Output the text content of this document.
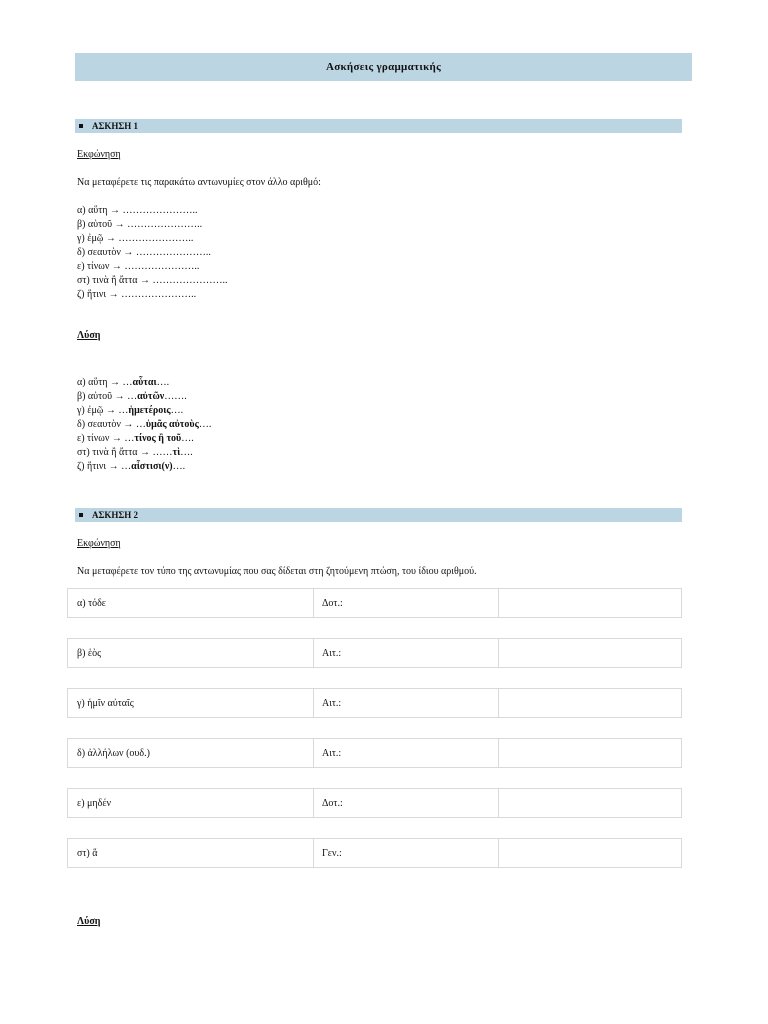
Ασκήσεις γραμματικής
ΑΣΚΗΣΗ 1
Εκφώνηση
Να μεταφέρετε τις παρακάτω αντωνυμίες στον άλλο αριθμό:
α) αὕτη → …………………..
β) αὐτοῦ → …………………..
γ) ἐμῷ → …………………..
δ) σεαυτὸν → …………………..
ε) τίνων → …………………..
στ) τινὰ ἢ ἄττα → …………………..
ζ) ἥτινι → …………………..
Λύση
α) αὕτη → …αὗται….
β) αὐτοῦ → …αὐτῶν…….
γ) ἐμῷ → …ἡμετέροις….
δ) σεαυτὸν → …ὑμᾶς αὐτοὺς….
ε) τίνων → …τίνος ἢ τοῦ….
στ) τινὰ ἢ ἄττα → ……τὶ….
ζ) ἥτινι → …αἷστισι(ν)….
ΑΣΚΗΣΗ 2
Εκφώνηση
Να μεταφέρετε τον τύπο της αντωνυμίας που σας δίδεται στη ζητούμενη πτώση, του ίδιου αριθμού.
α) τόδε	Δοτ.:
β) ἑὸς	Αιτ.:
γ) ἡμῖν αὐταῖς	Αιτ.:
δ) ἀλλήλων (ουδ.)	Αιτ.:
ε) μηδέν	Δοτ.:
στ) ἅ	Γεν.:
Λύση
